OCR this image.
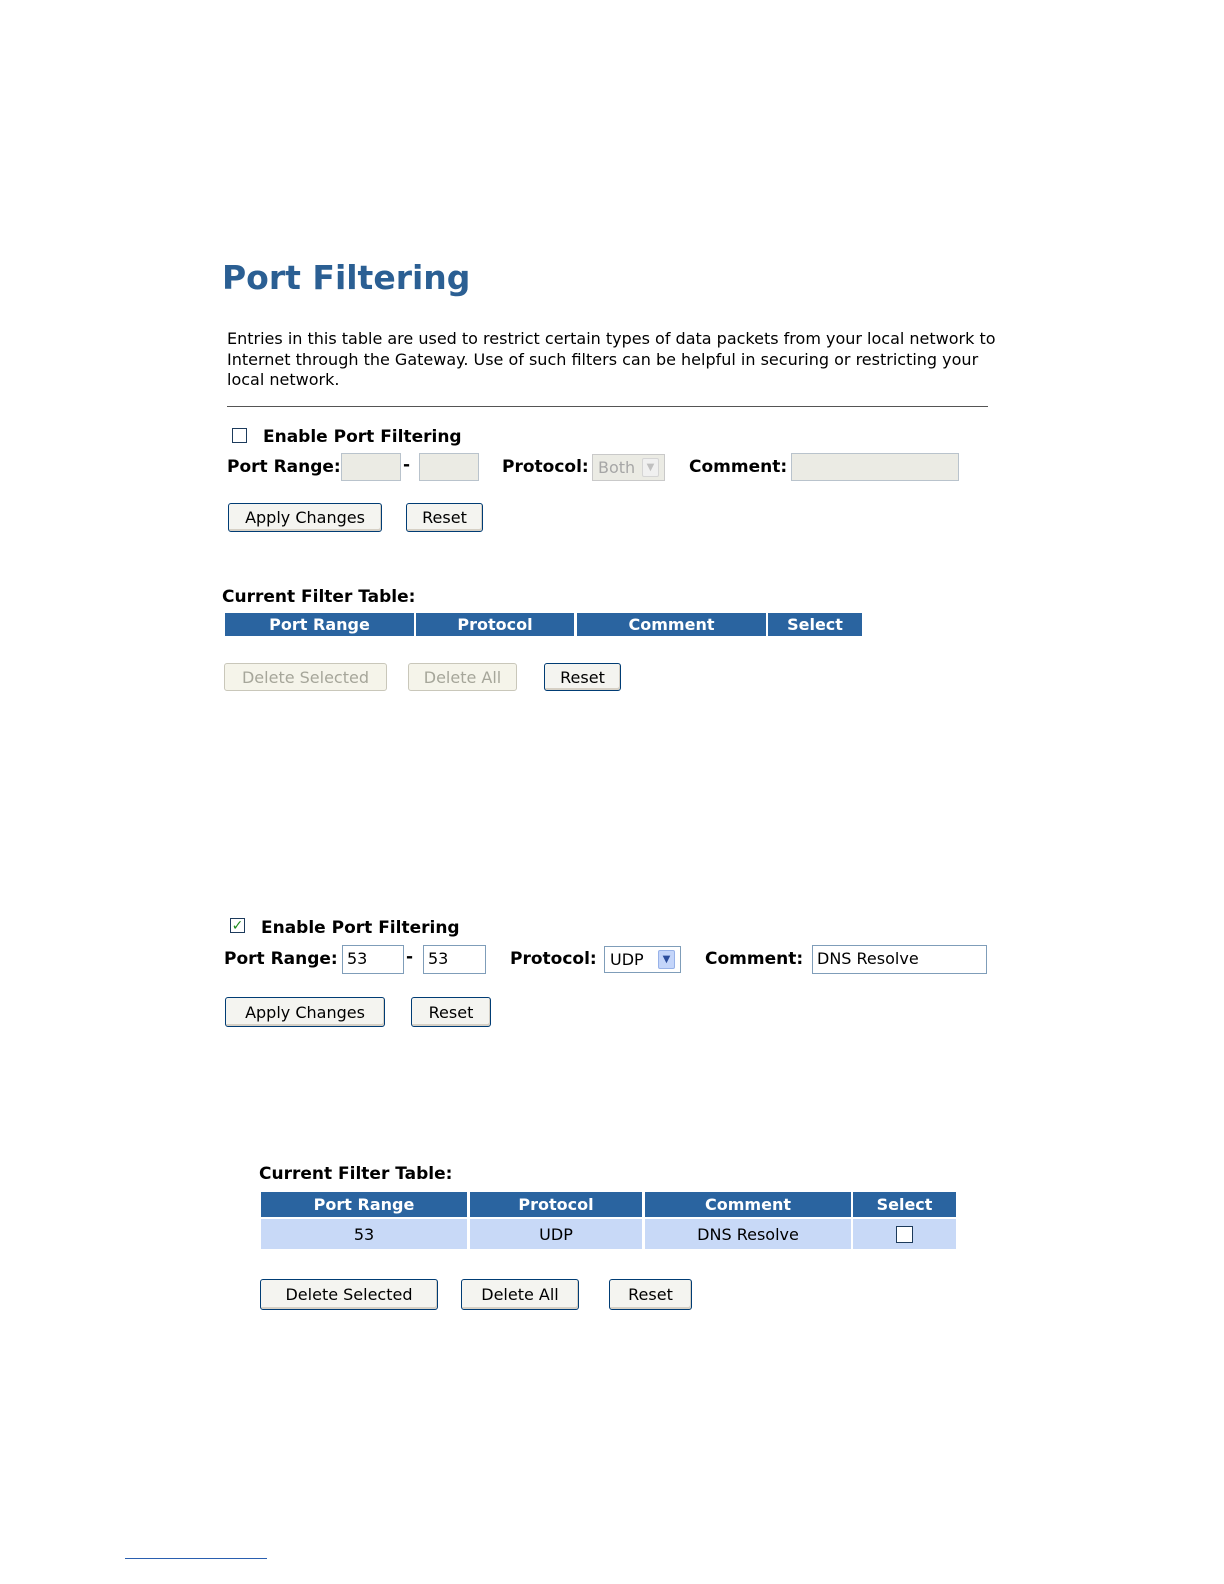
Port Filtering

Entries in this table are used to restrict certain types of data packets from your local network to Internet through the Gateway. Use of such filters can be helpful in securing or restricting your local network.

Enable Port Filtering
Port Range:	-	Protocol: Both	▼ Comment:
Apply Changes	Reset
Current Filter Table:
Port Range	Protocol	Comment	Select
Delete Selected	Delete All	Reset
✓ Enable Port Filtering
Port Range: 53	- 53	Protocol: UDP	▼ Comment: DNS Resolve
Apply Changes	Reset
Current Filter Table:
Port Range	Protocol	Comment	Select
53	UDP	DNS Resolve
Delete Selected	Delete All	Reset
